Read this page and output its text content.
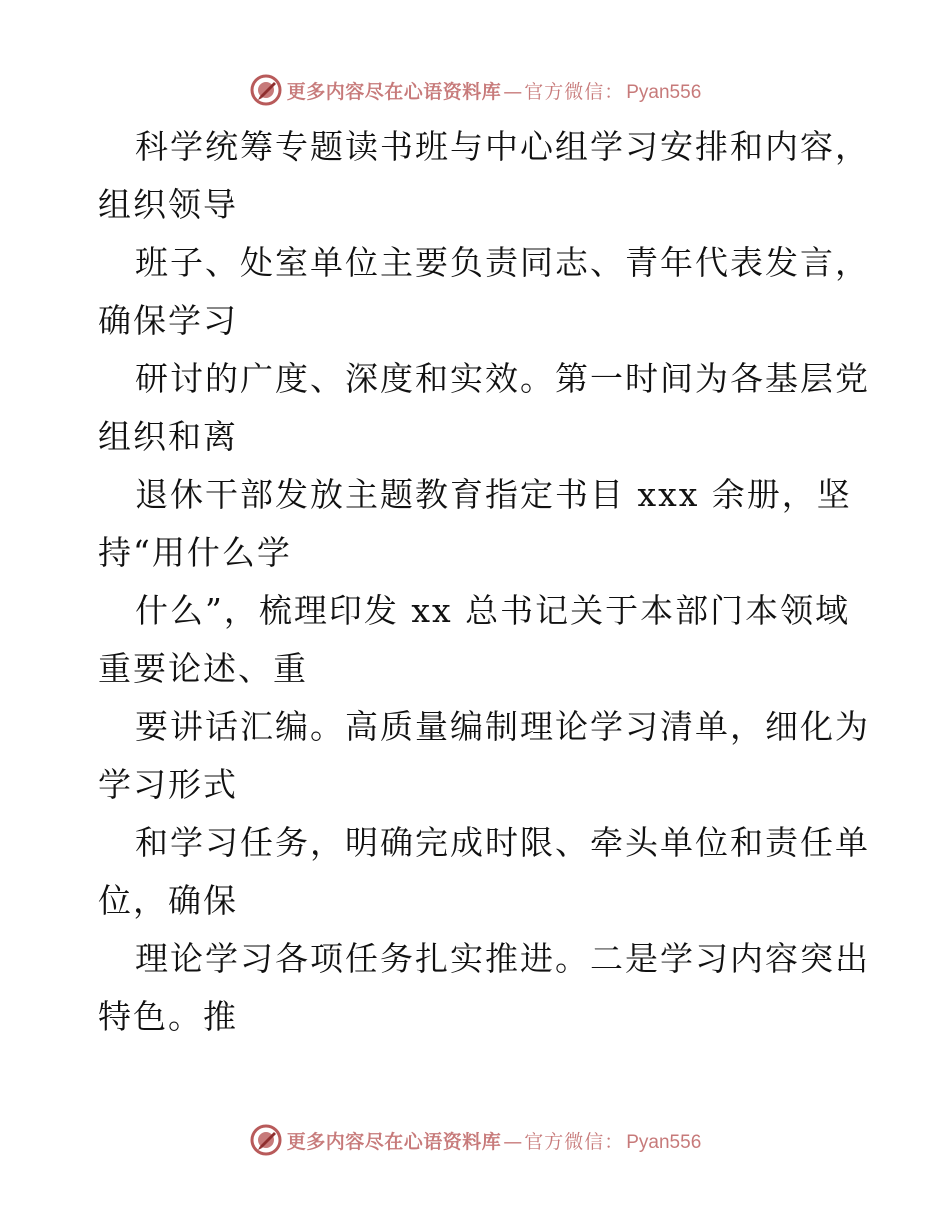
更多内容尽在心语资料库 — 官方微信： Pyan556
科学统筹专题读书班与中心组学习安排和内容，
组织领导
班子、处室单位主要负责同志、青年代表发言，
确保学习
研讨的广度、深度和实效。第一时间为各基层党
组织和离
退休干部发放主题教育指定书目 xxx 余册，坚
持“用什么学
什么”，梳理印发 xx 总书记关于本部门本领域
重要论述、重
要讲话汇编。高质量编制理论学习清单，细化为
学习形式
和学习任务，明确完成时限、牵头单位和责任单
位，确保
理论学习各项任务扎实推进。二是学习内容突出
特色。推
更多内容尽在心语资料库 — 官方微信： Pyan556
